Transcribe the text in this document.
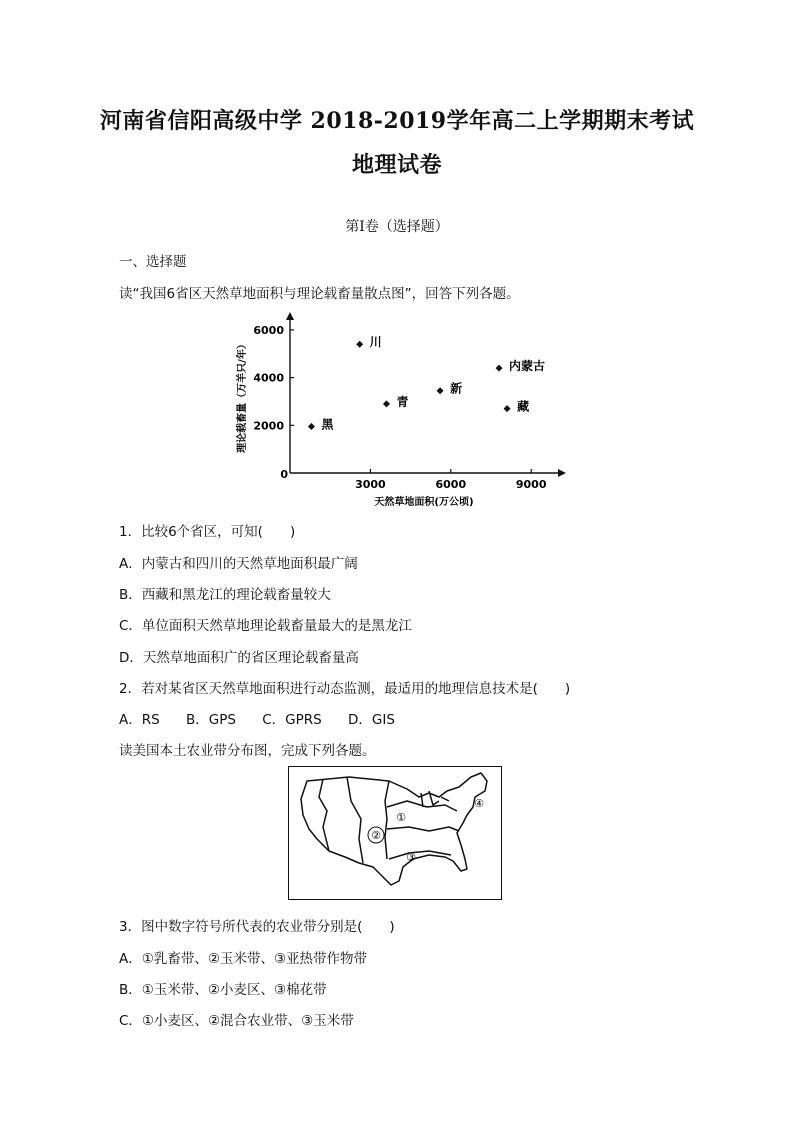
河南省信阳高级中学 2018-2019学年高二上学期期末考试
地理试卷
第Ⅰ卷（选择题）
一、选择题
读“我国6省区天然草地面积与理论载畜量散点图”，回答下列各题。
3000	6000	9000
2000
4000
6000
川
内蒙古
新
青	藏
黑
0
天然草地面积(万公顷)
理论载畜量（万羊只/年）
1．比较6个省区，可知(　　)
A．内蒙古和四川的天然草地面积最广阔
B．西藏和黑龙江的理论载畜量较大
C．单位面积天然草地理论载畜量最大的是黑龙江
D．天然草地面积广的省区理论载畜量高
2．若对某省区天然草地面积进行动态监测，最适用的地理信息技术是(　　)
A．RS B．GPS C．GPRS D．GIS
读美国本土农业带分布图，完成下列各题。
①
②
③
④
3．图中数字符号所代表的农业带分别是(　　)
A．①乳畜带、②玉米带、③亚热带作物带
B．①玉米带、②小麦区、③棉花带
C．①小麦区、②混合农业带、③玉米带
